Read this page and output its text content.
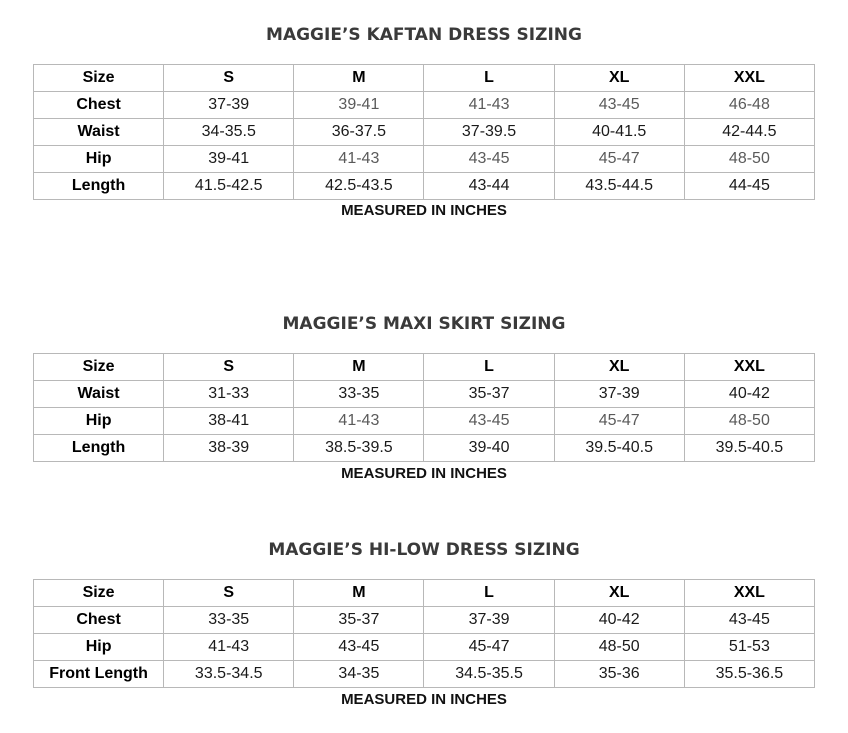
MAGGIE’S KAFTAN DRESS SIZING
Size	S	M	L	XL	XXL
Chest	37-39	39-41	41-43	43-45	46-48
Waist	34-35.5	36-37.5	37-39.5	40-41.5	42-44.5
Hip	39-41	41-43	43-45	45-47	48-50
Length	41.5-42.5	42.5-43.5	43-44	43.5-44.5	44-45
MEASURED IN INCHES
MAGGIE’S MAXI SKIRT SIZING
Size	S	M	L	XL	XXL
Waist	31-33	33-35	35-37	37-39	40-42
Hip	38-41	41-43	43-45	45-47	48-50
Length	38-39	38.5-39.5	39-40	39.5-40.5	39.5-40.5
MEASURED IN INCHES
MAGGIE’S HI-LOW DRESS SIZING
Size	S	M	L	XL	XXL
Chest	33-35	35-37	37-39	40-42	43-45
Hip	41-43	43-45	45-47	48-50	51-53
Front Length	33.5-34.5	34-35	34.5-35.5	35-36	35.5-36.5
MEASURED IN INCHES
